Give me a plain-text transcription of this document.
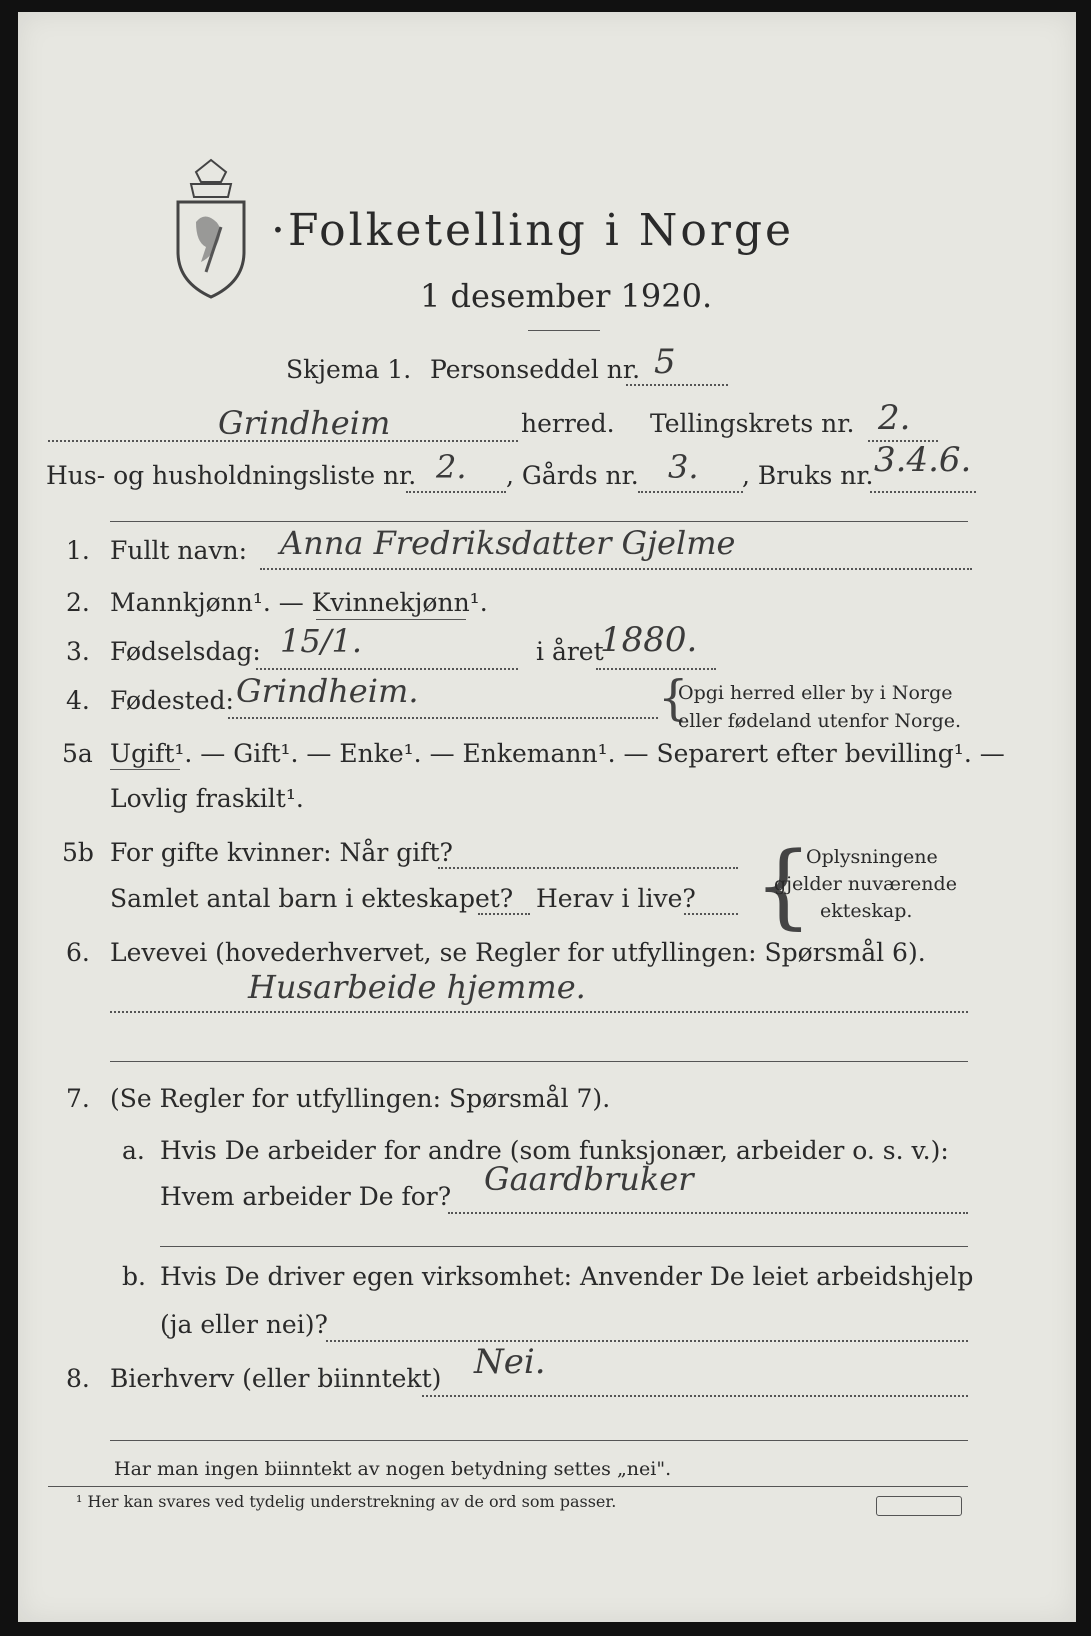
·Folketelling i Norge
1 desember 1920.
Skjema 1. Personseddel nr. 5
Grindheim	herred. Tellingskrets nr. 2.
Hus- og husholdningsliste nr. 2. , Gårds nr. 3. , Bruks nr. 3.4.6.
1. Fullt navn: Anna Fredriksdatter Gjelme
2. Mannkjønn¹. — Kvinnekjønn¹.
3. Fødselsdag: 15/1.	i året
1880.
4. Fødested: Grindheim.	{
Opgi herred eller by i Norge
eller fødeland utenfor Norge.
5a Ugift¹. — Gift¹. — Enke¹. — Enkemann¹. — Separert efter bevilling¹. —
Lovlig fraskilt¹.
5b For gifte kvinner: Når gift?
Samlet antal barn i ekteskapet? Herav i live? {
Oplysningene
gjelder nuværende
ekteskap.
6. Levevei (hovederhvervet, se Regler for utfyllingen: Spørsmål 6).
Husarbeide hjemme.
7. (Se Regler for utfyllingen: Spørsmål 7).
a. Hvis De arbeider for andre (som funksjonær, arbeider o. s. v.):
Hvem arbeider De for? Gaardbruker
b. Hvis De driver egen virksomhet: Anvender De leiet arbeidshjelp
(ja eller nei)?
8. Bierhverv (eller biinntekt) Nei.
Har man ingen biinntekt av nogen betydning settes „nei".
¹ Her kan svares ved tydelig understrekning av de ord som passer.
